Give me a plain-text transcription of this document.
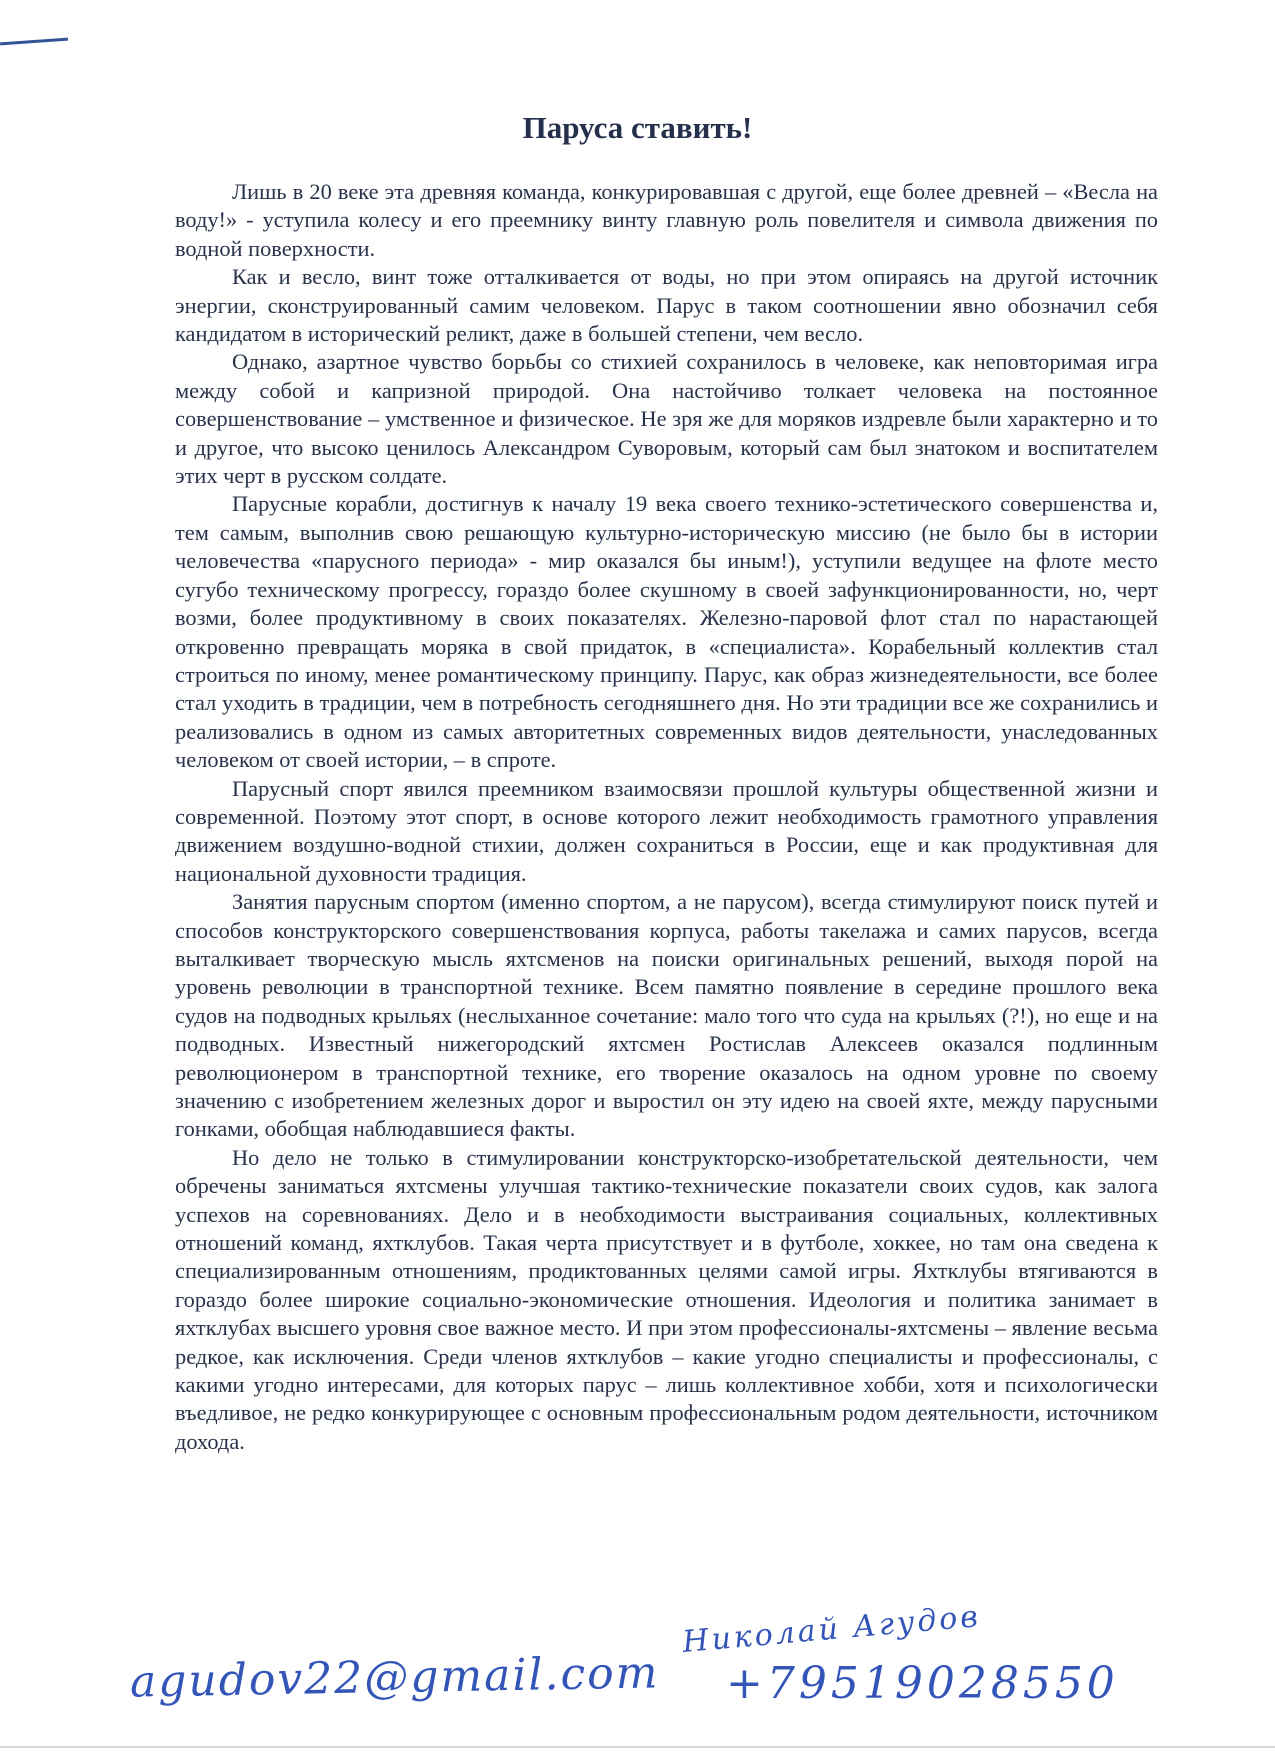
Паруса ставить!

Лишь в 20 веке эта древняя команда, конкурировавшая с другой, еще более древней – «Весла на воду!» - уступила колесу и его преемнику винту главную роль повелителя и символа движения по водной поверхности.

Как и весло, винт тоже отталкивается от воды, но при этом опираясь на другой источник энергии, сконструированный самим человеком. Парус в таком соотношении явно обозначил себя кандидатом в исторический реликт, даже в большей степени, чем весло.

Однако, азартное чувство борьбы со стихией сохранилось в человеке, как неповторимая игра между собой и капризной природой. Она настойчиво толкает человека на постоянное совершенствование – умственное и физическое. Не зря же для моряков издревле были характерно и то и другое, что высоко ценилось Александром Суворовым, который сам был знатоком и воспитателем этих черт в русском солдате.

Парусные корабли, достигнув к началу 19 века своего технико-эстетического совершенства и, тем самым, выполнив свою решающую культурно-историческую миссию (не было бы в истории человечества «парусного периода» - мир оказался бы иным!), уступили ведущее на флоте место сугубо техническому прогрессу, гораздо более скушному в своей зафункционированности, но, черт возми, более продуктивному в своих показателях. Железно-паровой флот стал по нарастающей откровенно превращать моряка в свой придаток, в «специалиста». Корабельный коллектив стал строиться по иному, менее романтическому принципу. Парус, как образ жизнедеятельности, все более стал уходить в традиции, чем в потребность сегодняшнего дня. Но эти традиции все же сохранились и реализовались в одном из самых авторитетных современных видов деятельности, унаследованных человеком от своей истории, – в спроте.

Парусный спорт явился преемником взаимосвязи прошлой культуры общественной жизни и современной. Поэтому этот спорт, в основе которого лежит необходимость грамотного управления движением воздушно-водной стихии, должен сохраниться в России, еще и как продуктивная для национальной духовности традиция.

Занятия парусным спортом (именно спортом, а не парусом), всегда стимулируют поиск путей и способов конструкторского совершенствования корпуса, работы такелажа и самих парусов, всегда выталкивает творческую мысль яхтсменов на поиски оригинальных решений, выходя порой на уровень революции в транспортной технике. Всем памятно появление в середине прошлого века судов на подводных крыльях (неслыханное сочетание: мало того что суда на крыльях (?!), но еще и на подводных. Известный нижегородский яхтсмен Ростислав Алексеев оказался подлинным революционером в транспортной технике, его творение оказалось на одном уровне по своему значению с изобретением железных дорог и выростил он эту идею на своей яхте, между парусными гонками, обобщая наблюдавшиеся факты.

Но дело не только в стимулировании конструкторско-изобретательской деятельности, чем обречены заниматься яхтсмены улучшая тактико-технические показатели своих судов, как залога успехов на соревнованиях. Дело и в необходимости выстраивания социальных, коллективных отношений команд, яхтклубов. Такая черта присутствует и в футболе, хоккее, но там она сведена к специализированным отношениям, продиктованных целями самой игры. Яхтклубы втягиваются в гораздо более широкие социально-экономические отношения. Идеология и политика занимает в яхтклубах высшего уровня свое важное место. И при этом профессионалы-яхтсмены – явление весьма редкое, как исключения. Среди членов яхтклубов – какие угодно специалисты и профессионалы, с какими угодно интересами, для которых парус – лишь коллективное хобби, хотя и психологически въедливое, не редко конкурирующее с основным профессиональным родом деятельности, источником дохода.

Николай Агудов
agudov22@gmail.com +79519028550
